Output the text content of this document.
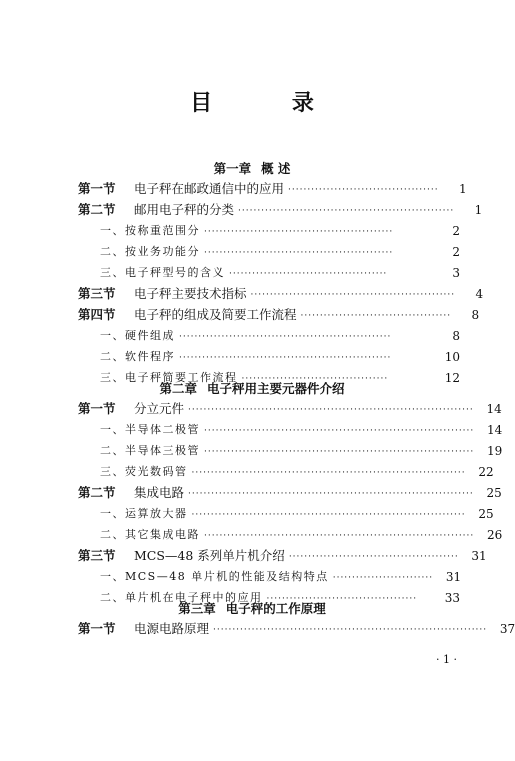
目 录
第一章 概 述
第一节	电子秤在邮政通信中的应用 ·······································	1
第二节	邮用电子秤的分类 ························································	1
一、按称重范围分 ·················································	2
二、按业务功能分 ·················································	2
三、电子秤型号的含义 ·········································	3
第三节	电子秤主要技术指标 ·····················································	4
第四节	电子秤的组成及简要工作流程 ·······································	8
一、硬件组成 ·······················································	8
二、软件程序 ·······················································	10
三、电子秤简要工作流程 ······································	12
第二章 电子秤用主要元器件介绍
第一节	分立元件 ··········································································	14
一、半导体二极管 ······································································	14
二、半导体三极管 ······································································	19
三、荧光数码管 ·······································································	22
第二节	集成电路 ··········································································	25
一、运算放大器 ·······································································	25
二、其它集成电路 ······································································	26
第三节	MCS—48 系列单片机介绍 ············································	31
一、MCS—48 单片机的性能及结构特点 ··························	31
二、单片机在电子秤中的应用 ·······································	33
第三章 电子秤的工作原理
第一节	电源电路原理 ·······································································	37
· 1 ·
